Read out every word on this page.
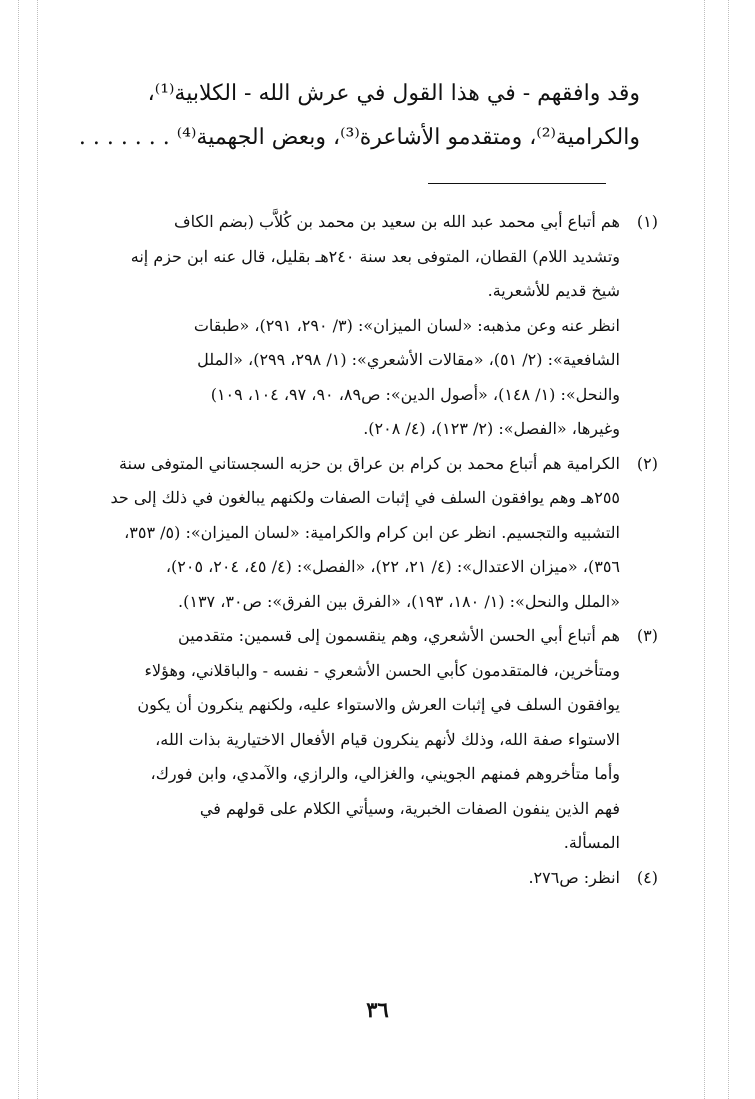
وقد وافقهم - في هذا القول في عرش الله - الكلابية⁽¹⁾،
والكرامية⁽²⁾، ومتقدمو الأشاعرة⁽³⁾، وبعض الجهمية⁽⁴⁾ . . . . . . .
(١)
هم أتباع أبي محمد عبد الله بن سعيد بن محمد بن كُلاَّب (بضم الكاف
وتشديد اللام) القطان، المتوفى بعد سنة ٢٤٠هـ بقليل، قال عنه ابن حزم إنه
شيخ قديم للأشعرية.
انظر عنه وعن مذهبه: «لسان الميزان»: (٣/ ٢٩٠، ٢٩١)، «طبقات
الشافعية»: (٢/ ٥١)، «مقالات الأشعري»: (١/ ٢٩٨، ٢٩٩)، «الملل
والنحل»: (١/ ١٤٨)، «أصول الدين»: ص٨٩، ٩٠، ٩٧، ١٠٤، ١٠٩)
وغيرها، «الفصل»: (٢/ ١٢٣)، (٤/ ٢٠٨).
(٢)
الكرامية هم أتباع محمد بن كرام بن عراق بن حزبه السجستاني المتوفى سنة
٢٥٥هـ وهم يوافقون السلف في إثبات الصفات ولكنهم يبالغون في ذلك إلى حد
التشبيه والتجسيم. انظر عن ابن كرام والكرامية: «لسان الميزان»: (٥/ ٣٥٣،
٣٥٦)، «ميزان الاعتدال»: (٤/ ٢١، ٢٢)، «الفصل»: (٤/ ٤٥، ٢٠٤، ٢٠٥)،
«الملل والنحل»: (١/ ١٨٠، ١٩٣)، «الفرق بين الفرق»: ص٣٠، ١٣٧).
(٣)
هم أتباع أبي الحسن الأشعري، وهم ينقسمون إلى قسمين: متقدمين
ومتأخرين، فالمتقدمون كأبي الحسن الأشعري - نفسه - والباقلاني، وهؤلاء
يوافقون السلف في إثبات العرش والاستواء عليه، ولكنهم ينكرون أن يكون
الاستواء صفة الله، وذلك لأنهم ينكرون قيام الأفعال الاختيارية بذات الله،
وأما متأخروهم فمنهم الجويني، والغزالي، والرازي، والآمدي، وابن فورك،
فهم الذين ينفون الصفات الخبرية، وسيأتي الكلام على قولهم في
المسألة.
(٤)
انظر: ص٢٧٦.
٣٦
